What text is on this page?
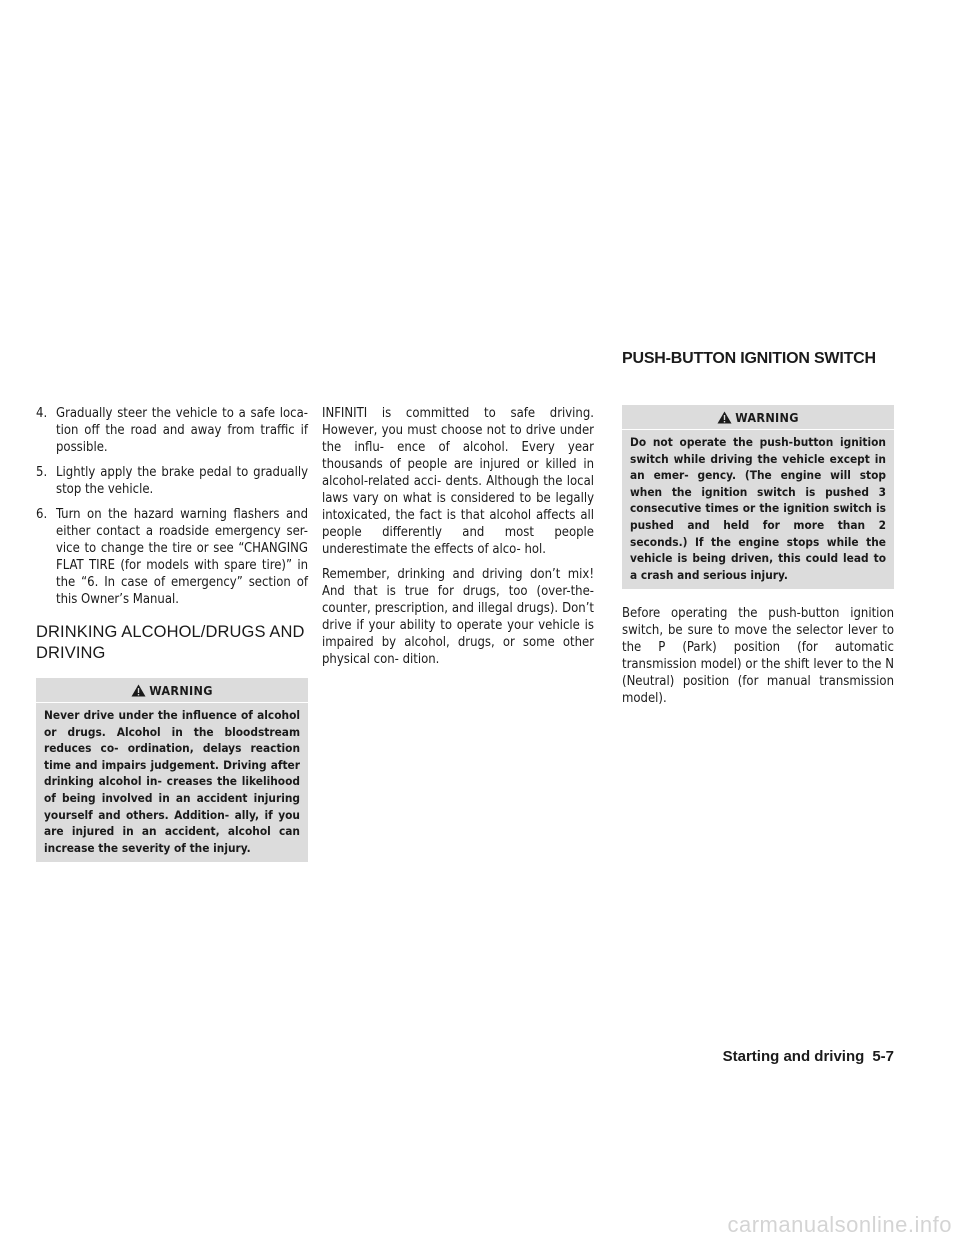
PUSH-BUTTON IGNITION SWITCH
4. Gradually steer the vehicle to a safe loca- tion off the road and away from traffic if possible.
5. Lightly apply the brake pedal to gradually stop the vehicle.
6. Turn on the hazard warning flashers and either contact a roadside emergency ser- vice to change the tire or see “CHANGING FLAT TIRE (for models with spare tire)” in the “6. In case of emergency” section of this Owner’s Manual.
DRINKING ALCOHOL/DRUGS AND DRIVING
WARNING
Never drive under the influence of alcohol or drugs. Alcohol in the bloodstream reduces co- ordination, delays reaction time and impairs judgement. Driving after drinking alcohol in- creases the likelihood of being involved in an accident injuring yourself and others. Addition- ally, if you are injured in an accident, alcohol can increase the severity of the injury.

INFINITI is committed to safe driving. However, you must choose not to drive under the influ- ence of alcohol. Every year thousands of people are injured or killed in alcohol-related acci- dents. Although the local laws vary on what is considered to be legally intoxicated, the fact is that alcohol affects all people differently and most people underestimate the effects of alco- hol.

Remember, drinking and driving don’t mix! And that is true for drugs, too (over-the-counter, prescription, and illegal drugs). Don’t drive if your ability to operate your vehicle is impaired by alcohol, drugs, or some other physical con- dition.

WARNING
Do not operate the push-button ignition switch while driving the vehicle except in an emer- gency. (The engine will stop when the ignition switch is pushed 3 consecutive times or the ignition switch is pushed and held for more than 2 seconds.) If the engine stops while the vehicle is being driven, this could lead to a crash and serious injury.

Before operating the push-button ignition switch, be sure to move the selector lever to the P (Park) position (for automatic transmission model) or the shift lever to the N (Neutral) position (for manual transmission model).

Starting and driving 5-7
carmanualsonline.info
